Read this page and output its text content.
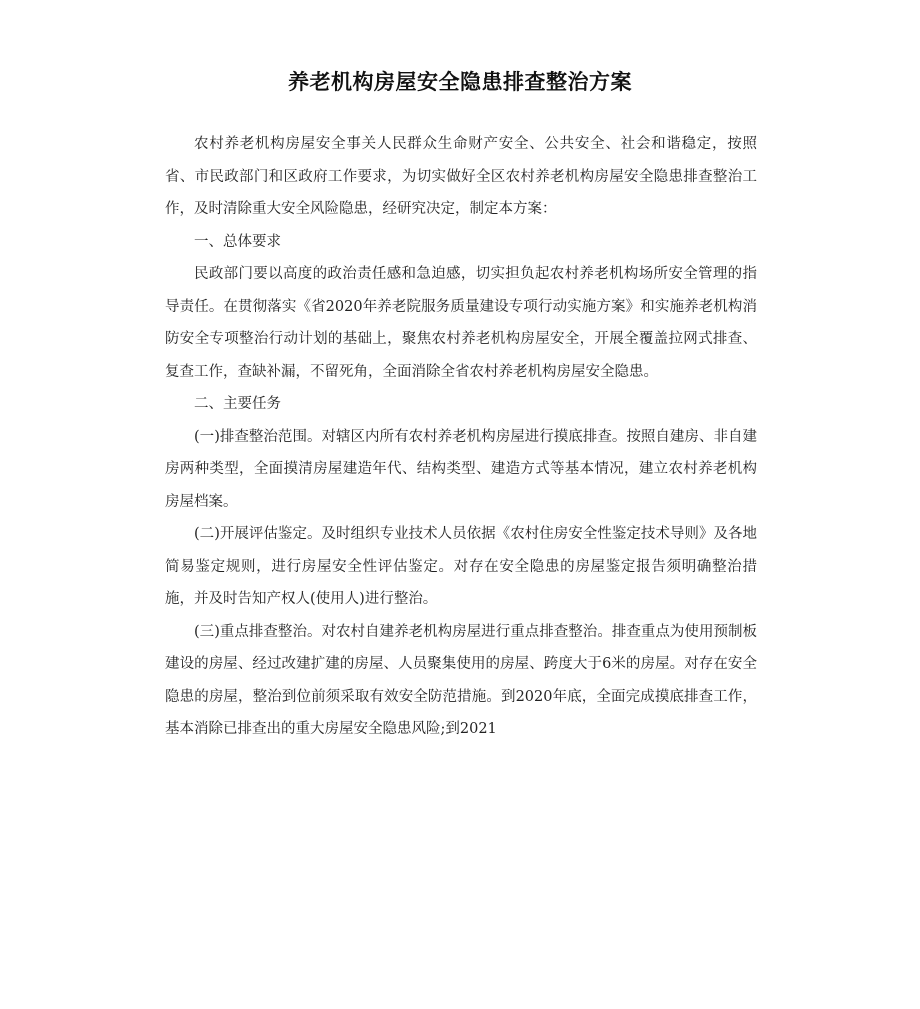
养老机构房屋安全隐患排查整治方案

农村养老机构房屋安全事关人民群众生命财产安全、公共安全、社会和谐稳定，按照省、市民政部门和区政府工作要求，为切实做好全区农村养老机构房屋安全隐患排查整治工作，及时清除重大安全风险隐患，经研究决定，制定本方案：

一、总体要求

民政部门要以高度的政治责任感和急迫感，切实担负起农村养老机构场所安全管理的指导责任。在贯彻落实《省2020年养老院服务质量建设专项行动实施方案》和实施养老机构消防安全专项整治行动计划的基础上，聚焦农村养老机构房屋安全，开展全覆盖拉网式排查、复查工作，查缺补漏，不留死角，全面消除全省农村养老机构房屋安全隐患。

二、主要任务

(一)排查整治范围。对辖区内所有农村养老机构房屋进行摸底排查。按照自建房、非自建房两种类型，全面摸清房屋建造年代、结构类型、建造方式等基本情况，建立农村养老机构房屋档案。

(二)开展评估鉴定。及时组织专业技术人员依据《农村住房安全性鉴定技术导则》及各地简易鉴定规则，进行房屋安全性评估鉴定。对存在安全隐患的房屋鉴定报告须明确整治措施，并及时告知产权人(使用人)进行整治。

(三)重点排查整治。对农村自建养老机构房屋进行重点排查整治。排查重点为使用预制板建设的房屋、经过改建扩建的房屋、人员聚集使用的房屋、跨度大于6米的房屋。对存在安全隐患的房屋，整治到位前须采取有效安全防范措施。到2020年底，全面完成摸底排查工作，基本消除已排查出的重大房屋安全隐患风险;到2021
